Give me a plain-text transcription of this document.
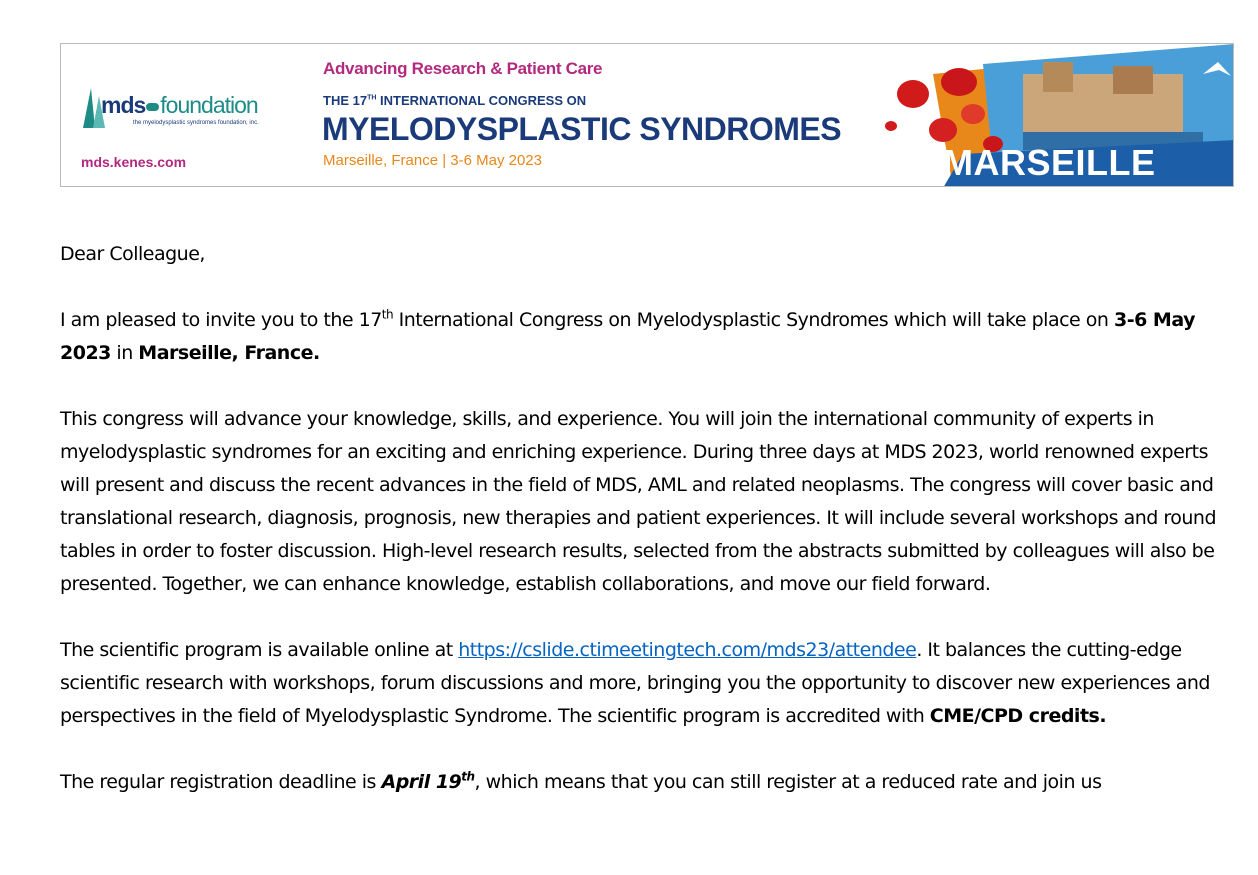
mds foundation
the myelodysplastic syndromes foundation, inc.
mds.kenes.com
Advancing Research & Patient Care
THE 17TH INTERNATIONAL CONGRESS ON
MYELODYSPLASTIC SYNDROMES
Marseille, France | 3-6 May 2023	MARSEILLE

Dear Colleague,

I am pleased to invite you to the 17th International Congress on Myelodysplastic Syndromes which will take place on 3-6 May 2023 in Marseille, France.

This congress will advance your knowledge, skills, and experience. You will join the international community of experts in myelodysplastic syndromes for an exciting and enriching experience. During three days at MDS 2023, world renowned experts will present and discuss the recent advances in the field of MDS, AML and related neoplasms. The congress will cover basic and translational research, diagnosis, prognosis, new therapies and patient experiences. It will include several workshops and round tables in order to foster discussion. High-level research results, selected from the abstracts submitted by colleagues will also be presented. Together, we can enhance knowledge, establish collaborations, and move our field forward.

The scientific program is available online at https://cslide.ctimeetingtech.com/mds23/attendee. It balances the cutting-edge scientific research with workshops, forum discussions and more, bringing you the opportunity to discover new experiences and perspectives in the field of Myelodysplastic Syndrome. The scientific program is accredited with CME/CPD credits.

The regular registration deadline is April 19th, which means that you can still register at a reduced rate and join us
